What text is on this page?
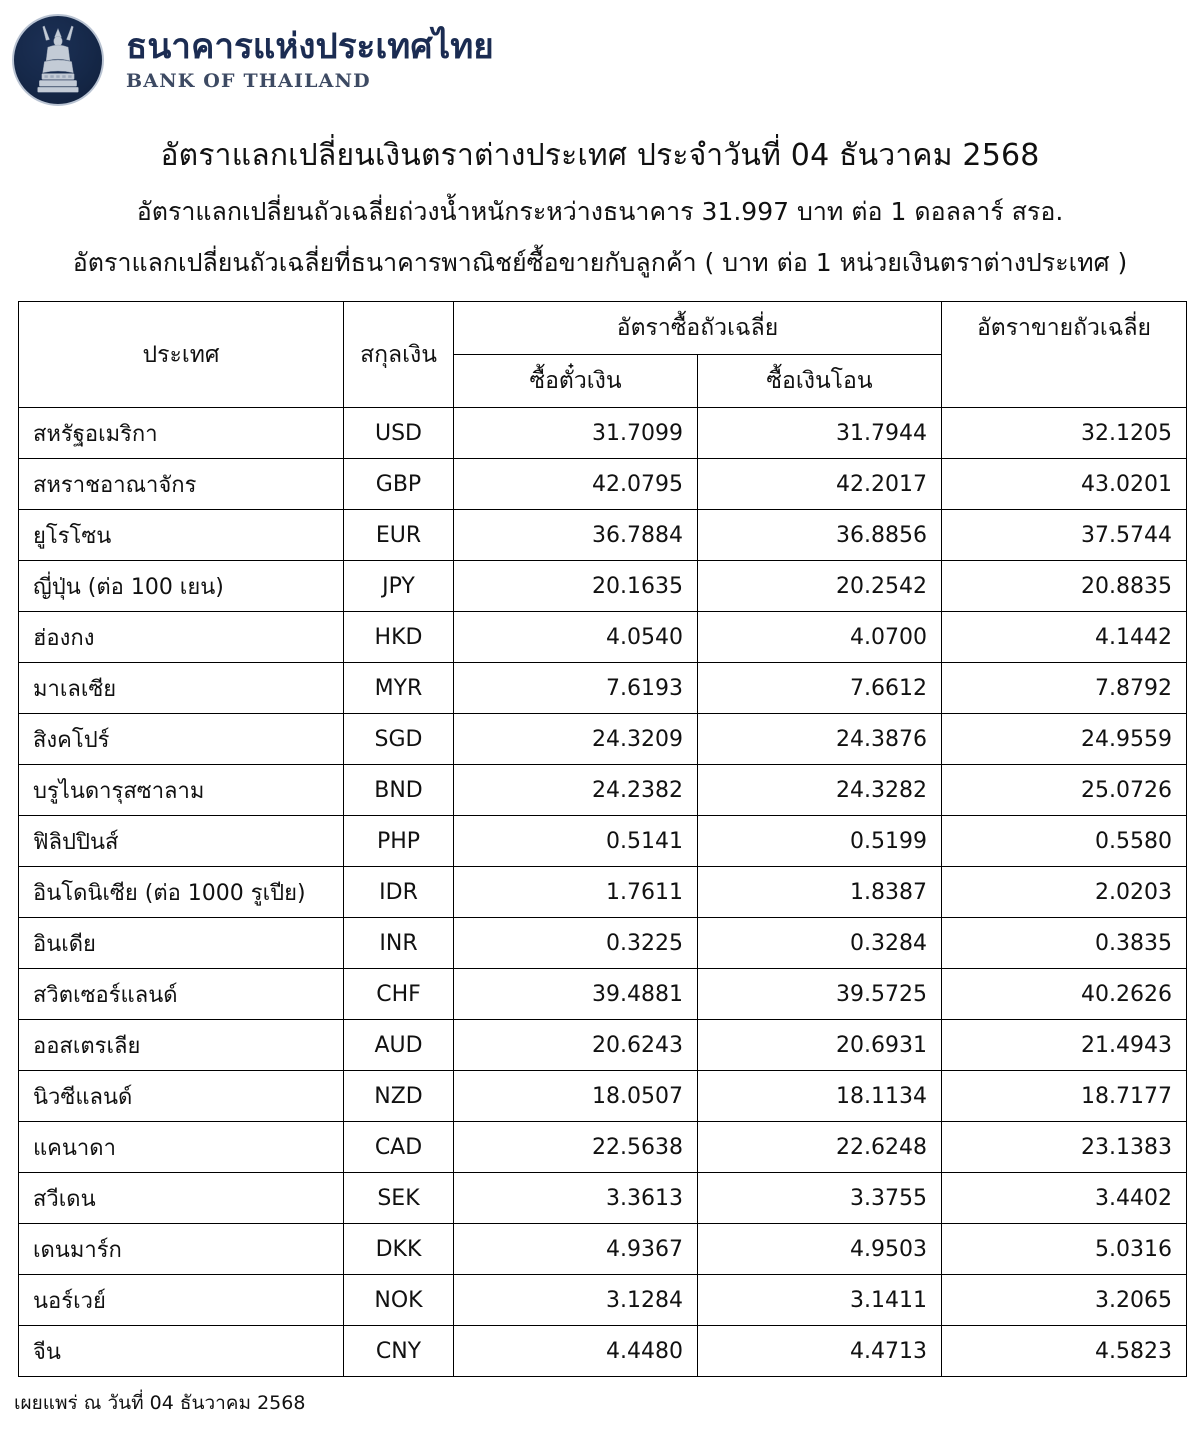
ธนาคารแห่งประเทศไทย
BANK OF THAILAND
อัตราแลกเปลี่ยนเงินตราต่างประเทศ ประจำวันที่ 04 ธันวาคม 2568
อัตราแลกเปลี่ยนถัวเฉลี่ยถ่วงน้ำหนักระหว่างธนาคาร 31.997 บาท ต่อ 1 ดอลลาร์ สรอ.
อัตราแลกเปลี่ยนถัวเฉลี่ยที่ธนาคารพาณิชย์ซื้อขายกับลูกค้า ( บาท ต่อ 1 หน่วยเงินตราต่างประเทศ )
ประเทศ	สกุลเงิน	อัตราซื้อถัวเฉลี่ย		อัตราขายถัวเฉลี่ย

		ซื้อตั๋วเงิน	ซื้อเงินโอน	
สหรัฐอเมริกา	USD	31.7099	31.7944	32.1205
สหราชอาณาจักร	GBP	42.0795	42.2017	43.0201
ยูโรโซน	EUR	36.7884	36.8856	37.5744
ญี่ปุ่น (ต่อ 100 เยน)	JPY	20.1635	20.2542	20.8835
ฮ่องกง	HKD	4.0540	4.0700	4.1442
มาเลเซีย	MYR	7.6193	7.6612	7.8792
สิงคโปร์	SGD	24.3209	24.3876	24.9559
บรูไนดารุสซาลาม	BND	24.2382	24.3282	25.0726
ฟิลิปปินส์	PHP	0.5141	0.5199	0.5580
อินโดนิเซีย (ต่อ 1000 รูเปีย)	IDR	1.7611	1.8387	2.0203
อินเดีย	INR	0.3225	0.3284	0.3835
สวิตเซอร์แลนด์	CHF	39.4881	39.5725	40.2626
ออสเตรเลีย	AUD	20.6243	20.6931	21.4943
นิวซีแลนด์	NZD	18.0507	18.1134	18.7177
แคนาดา	CAD	22.5638	22.6248	23.1383
สวีเดน	SEK	3.3613	3.3755	3.4402
เดนมาร์ก	DKK	4.9367	4.9503	5.0316
นอร์เวย์	NOK	3.1284	3.1411	3.2065
จีน	CNY	4.4480	4.4713	4.5823
เผยแพร่ ณ วันที่ 04 ธันวาคม 2568
